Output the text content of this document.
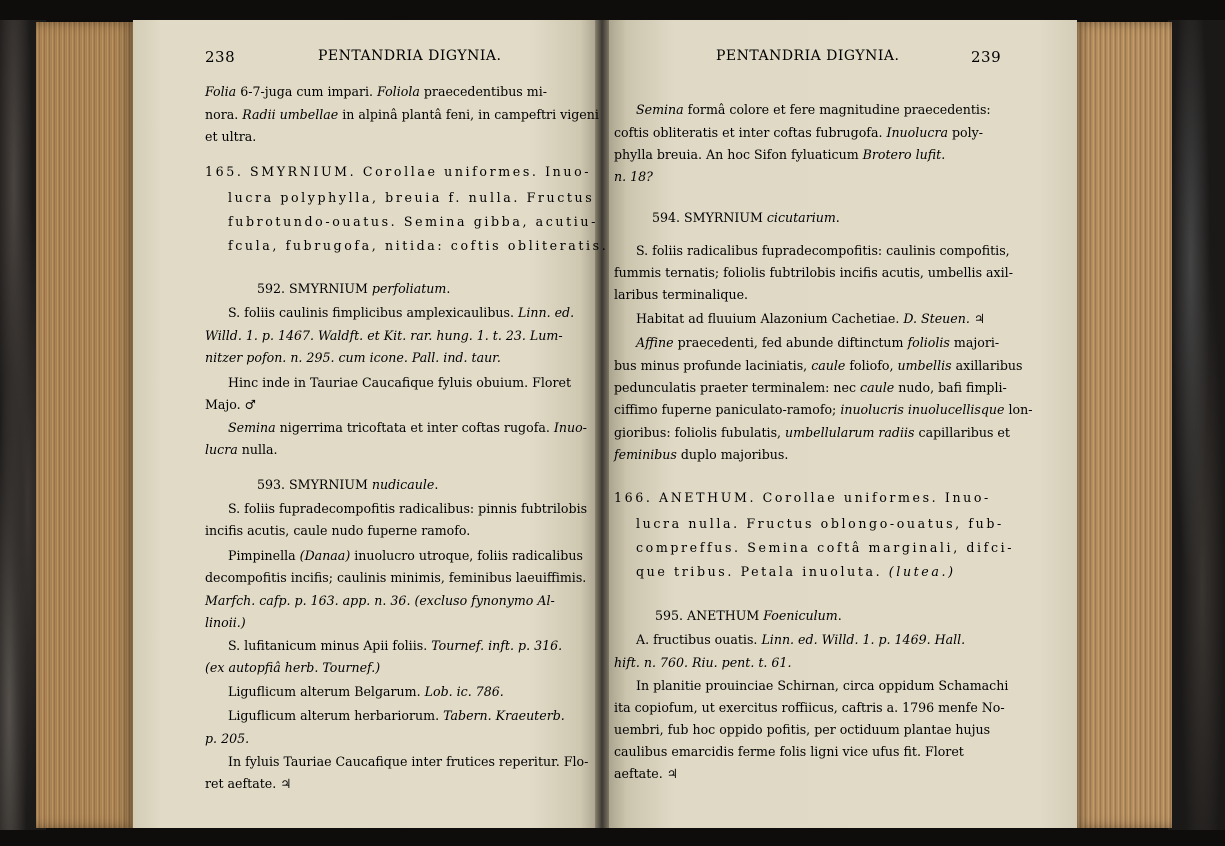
238	PENTANDRIA DIGYNIA.	PENTANDRIA DIGYNIA.	239
Folia 6-7-juga cum impari. Foliola praecedentibus mi-
nora. Radii umbellae in alpinâ plantâ feni, in campeftri vigeni
et ultra.
165. SMYRNIUM. Corollae uniformes. Inuo-
lucra polyphylla, breuia f. nulla. Fructus
fubrotundo-ouatus. Semina gibba, acutiu-
fcula, fubrugofa, nitida: coftis obliteratis.
592. SMYRNIUM perfoliatum.
S. foliis caulinis fimplicibus amplexicaulibus. Linn. ed.
Willd. 1. p. 1467. Waldft. et Kit. rar. hung. 1. t. 23. Lum-
nitzer pofon. n. 295. cum icone. Pall. ind. taur.
Hinc inde in Tauriae Caucafique fyluis obuium. Floret
Majo. ♂
Semina nigerrima tricoftata et inter coftas rugofa. Inuo-
lucra nulla.
593. SMYRNIUM nudicaule.
S. foliis fupradecompofitis radicalibus: pinnis fubtrilobis
incifis acutis, caule nudo fuperne ramofo.
Pimpinella (Danaa) inuolucro utroque, foliis radicalibus
decompofitis incifis; caulinis minimis, feminibus laeuiffimis.
Marfch. cafp. p. 163. app. n. 36. (excluso fynonymo Al-
linoii.)
S. lufitanicum minus Apii foliis. Tournef. inft. p. 316.
(ex autopfiâ herb. Tournef.)
Liguflicum alterum Belgarum. Lob. ic. 786.
Liguflicum alterum herbariorum. Tabern. Kraeuterb.
p. 205.
In fyluis Tauriae Caucafique inter frutices reperitur. Flo-
ret aeftate. ♃
Semina formâ colore et fere magnitudine praecedentis:
coftis obliteratis et inter coftas fubrugofa. Inuolucra poly-
phylla breuia. An hoc Sifon fyluaticum Brotero lufit.
n. 18?
594. SMYRNIUM cicutarium.
S. foliis radicalibus fupradecompofitis: caulinis compofitis,
fummis ternatis; foliolis fubtrilobis incifis acutis, umbellis axil-
laribus terminalique.
Habitat ad fluuium Alazonium Cachetiae. D. Steuen. ♃
Affine praecedenti, fed abunde diftinctum foliolis majori-
bus minus profunde laciniatis, caule foliofo, umbellis axillaribus
pedunculatis praeter terminalem: nec caule nudo, bafi fimpli-
ciffimo fuperne paniculato-ramofo; inuolucris inuolucellisque lon-
gioribus: foliolis fubulatis, umbellularum radiis capillaribus et
feminibus duplo majoribus.
166. ANETHUM. Corollae uniformes. Inuo-
lucra nulla. Fructus oblongo-ouatus, fub-
compreffus. Semina coftâ marginali, difci-
que tribus. Petala inuoluta. (lutea.)
595. ANETHUM Foeniculum.
A. fructibus ouatis. Linn. ed. Willd. 1. p. 1469. Hall.
hift. n. 760. Riu. pent. t. 61.
In planitie prouinciae Schirnan, circa oppidum Schamachi
ita copiofum, ut exercitus roffiicus, caftris a. 1796 menfe No-
uembri, fub hoc oppido pofitis, per octiduum plantae hujus
caulibus emarcidis ferme folis ligni vice ufus fit. Floret
aeftate. ♃
